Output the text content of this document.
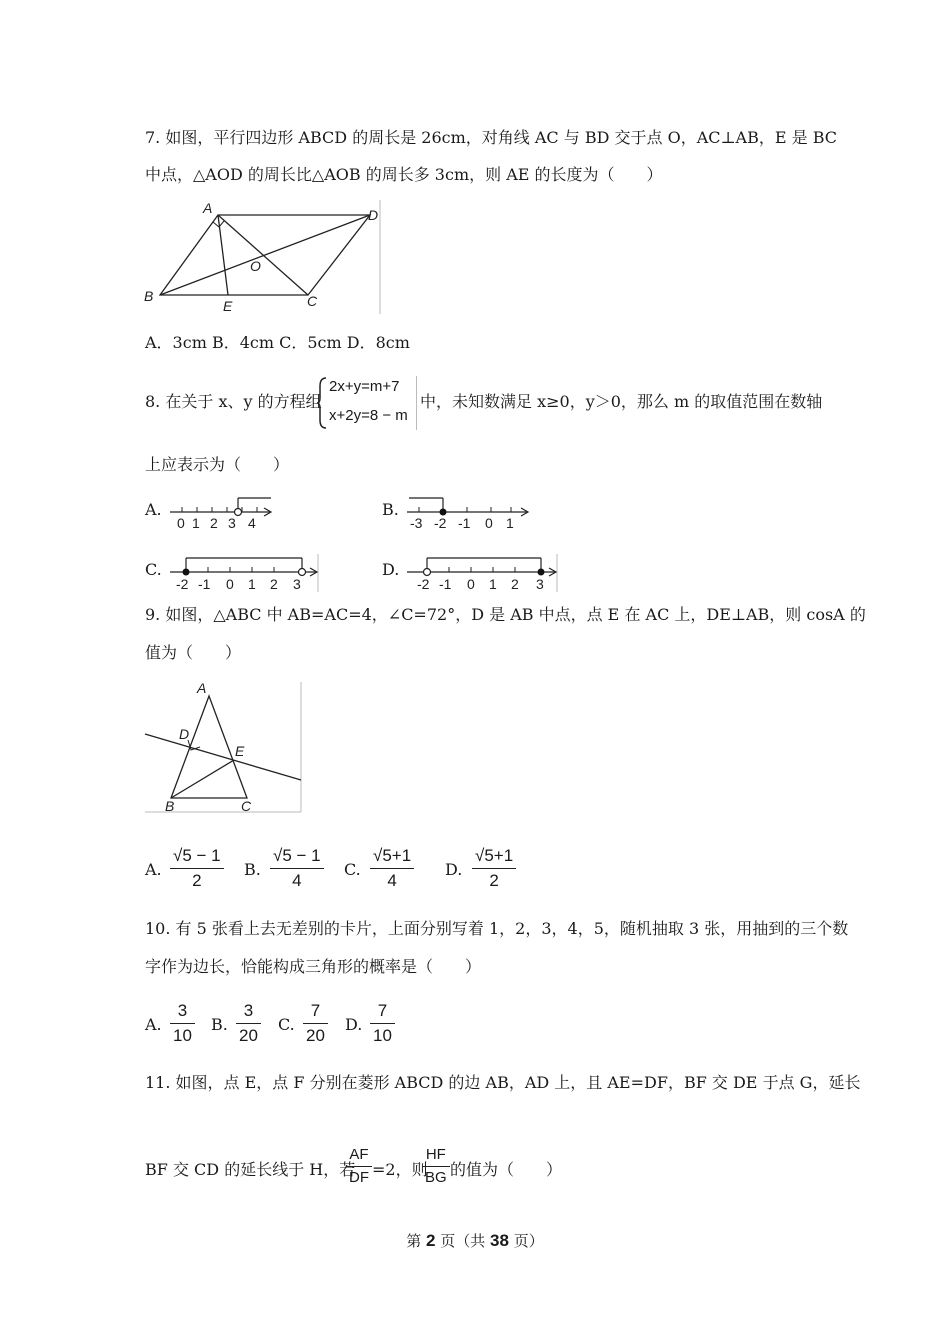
7. 如图，平行四边形 ABCD 的周长是 26cm，对角线 AC 与 BD 交于点 O，AC⊥AB，E 是 BC
中点，△AOD 的周长比△AOB 的周长多 3cm，则 AE 的长度为（　　）
A	D
B	C
O
E
A．3cm B．4cm C．5cm D．8cm
8. 在关于 x、y 的方程组
2x+y=m+7
x+2y=8 − m
中，未知数满足 x≥0，y＞0，那么 m 的取值范围在数轴
上应表示为（　　）
A.
0 1 2 3 4
B.
-3 -2 -1 0 1
C.
-2 -1 0 1 2 3
D.
-2 -1 0 1 2 3
9. 如图，△ABC 中 AB=AC=4，∠C=72°，D 是 AB 中点，点 E 在 AC 上，DE⊥AB，则 cosA 的
值为（　　）
A
D
E
B	C
A.
√5 − 1
2
B.
√5 − 1
4
C.
√5+1
4
D.
√5+1
2
10. 有 5 张看上去无差别的卡片，上面分别写着 1，2，3，4，5，随机抽取 3 张，用抽到的三个数
字作为边长，恰能构成三角形的概率是（　　）
A.
3
10
B.
3
20
C.
7
20
D.
7
10
11. 如图，点 E，点 F 分别在菱形 ABCD 的边 AB，AD 上，且 AE=DF，BF 交 DE 于点 G，延长
BF 交 CD 的延长线于 H，若
AF
DF =2，则
HF
BG 的值为（　　）
第 2 页（共 38 页）
